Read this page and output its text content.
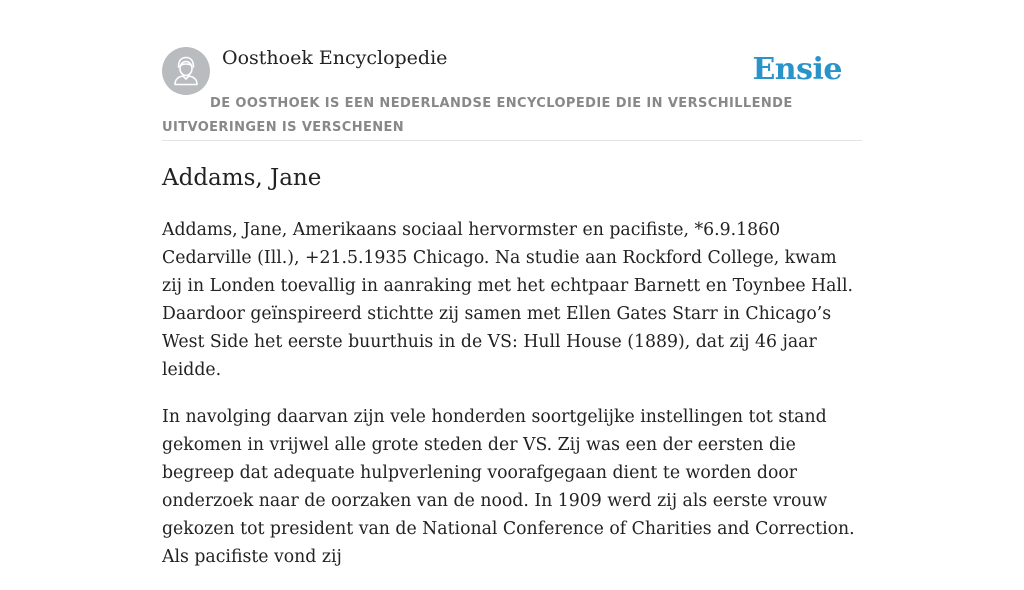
Oosthoek Encyclopedie	Ensie
DE OOSTHOEK IS EEN NEDERLANDSE ENCYCLOPEDIE DIE IN VERSCHILLENDE UITVOERINGEN IS VERSCHENEN
Addams, Jane

Addams, Jane, Amerikaans sociaal hervormster en pacifiste, *6.9.1860 Cedarville (Ill.), +21.5.1935 Chicago. Na studie aan Rockford College, kwam zij in Londen toevallig in aanraking met het echtpaar Barnett en Toynbee Hall. Daardoor geïnspireerd stichtte zij samen met Ellen Gates Starr in Chicago’s West Side het eerste buurthuis in de VS: Hull House (1889), dat zij 46 jaar leidde.

In navolging daarvan zijn vele honderden soortgelijke instellingen tot stand gekomen in vrijwel alle grote steden der VS. Zij was een der eersten die begreep dat adequate hulpverlening voorafgegaan dient te worden door onderzoek naar de oorzaken van de nood. In 1909 werd zij als eerste vrouw gekozen tot president van de National Conference of Charities and Correction. Als pacifiste vond zij
